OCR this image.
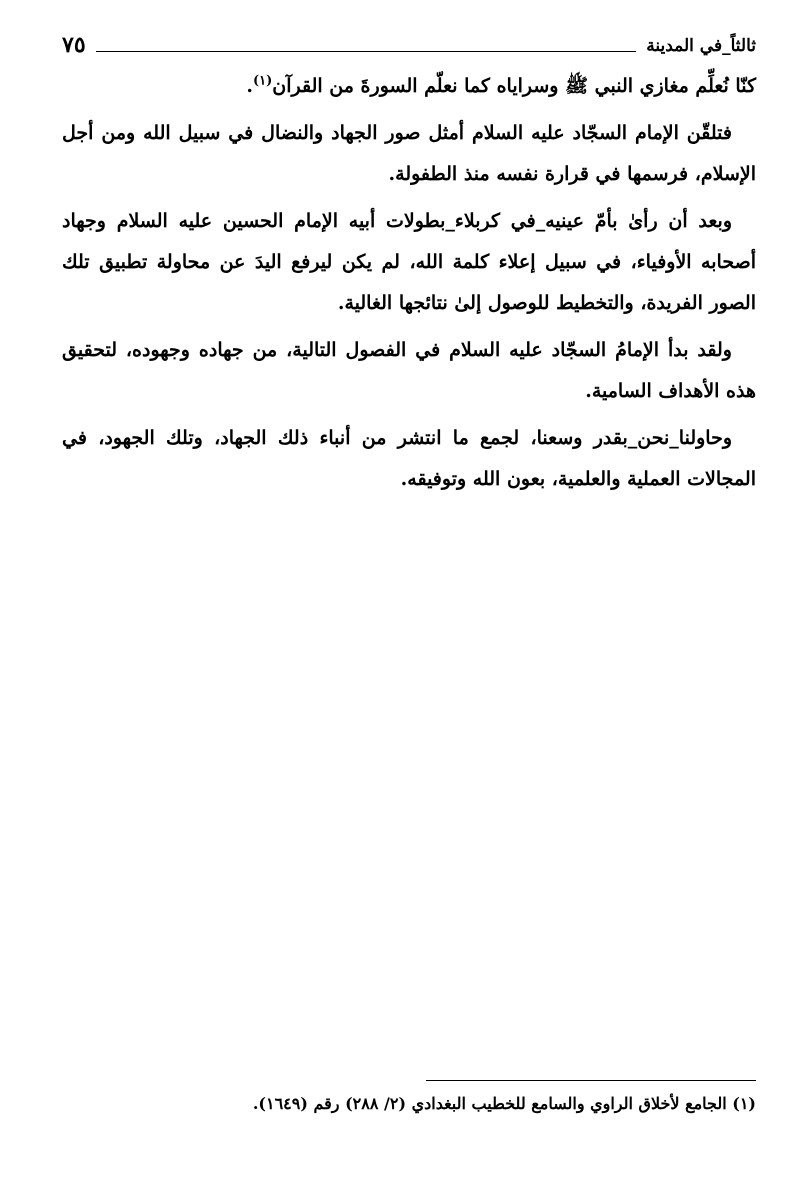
ثالثاً_في المدينة
٧٥

كنّا نُعلِّم مغازي النبي ﷺ وسراياه كما نعلّم السورةَ من القرآن$^{(١)}$.

فتلقّن الإمام السجّاد عليه السلام أمثل صور الجهاد والنضال في سبيل الله ومن أجل الإسلام، فرسمها في قرارة نفسه منذ الطفولة.

وبعد أن رأىٰ بأمّ عينيه_في كربلاء_بطولات أبيه الإمام الحسين عليه السلام وجهاد أصحابه الأوفياء، في سبيل إعلاء كلمة الله، لم يكن ليرفع اليدَ عن محاولة تطبيق تلك الصور الفريدة، والتخطيط للوصول إلىٰ نتائجها الغالية.

ولقد بدأ الإمامُ السجّاد عليه السلام في الفصول التالية، من جهاده وجهوده، لتحقيق هذه الأهداف السامية.

وحاولنا_نحن_بقدر وسعنا، لجمع ما انتشر من أنباء ذلك الجهاد، وتلك الجهود، في المجالات العملية والعلمية، بعون الله وتوفيقه.

(١) الجامع لأخلاق الراوي والسامع للخطيب البغدادي (٢/ ٢٨٨) رقم (١٦٤٩).
